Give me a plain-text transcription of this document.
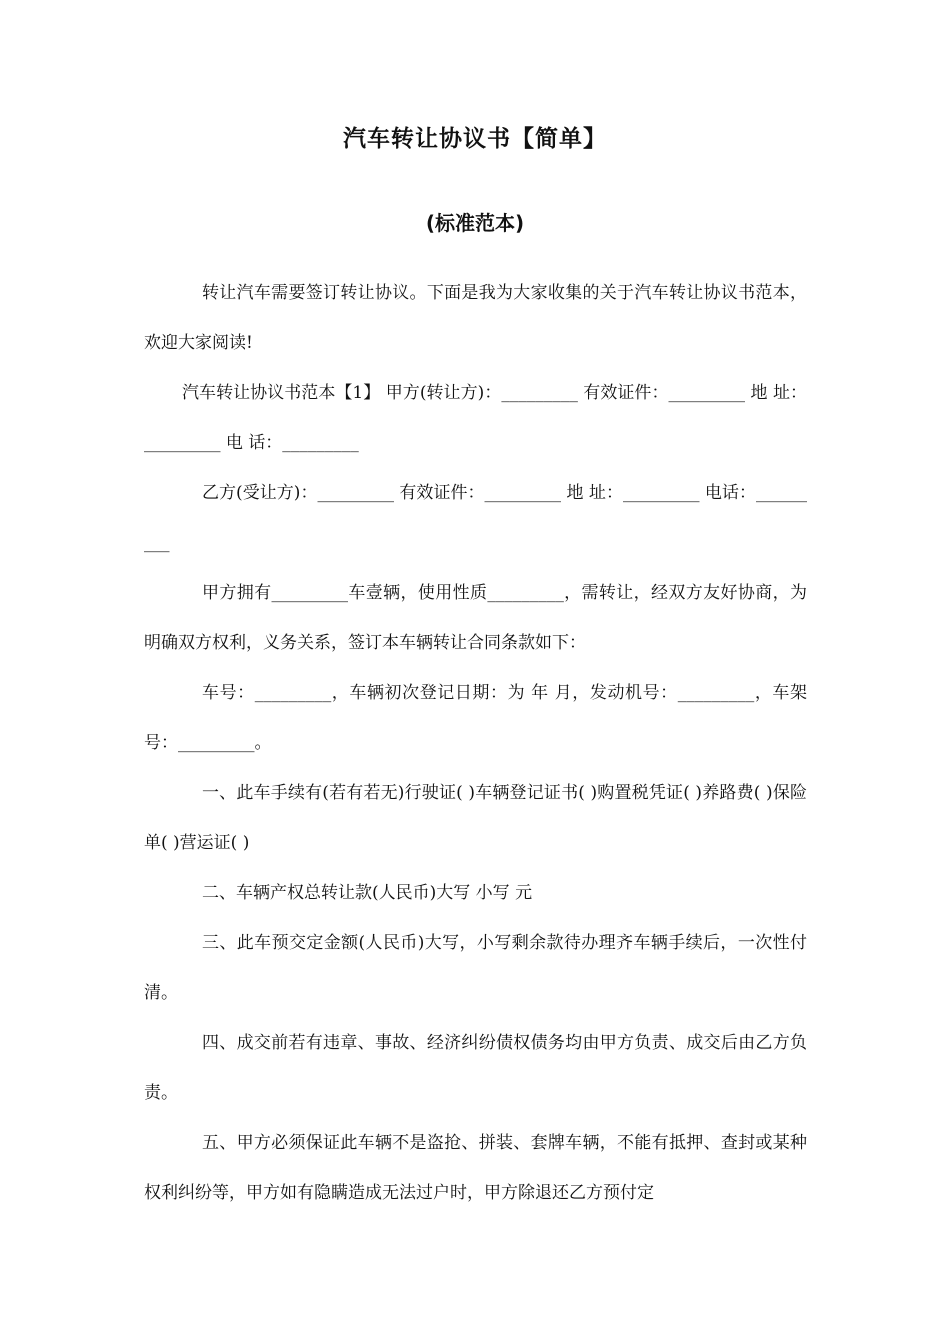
汽车转让协议书【简单】
(标准范本)

转让汽车需要签订转让协议。下面是我为大家收集的关于汽车转让协议书范本，欢迎大家阅读!

汽车转让协议书范本【1】 甲方(转让方)：_________ 有效证件：_________ 地 址：_________ 电 话：_________

乙方(受让方)：_________ 有效证件：_________ 地 址：_________ 电话：_________

甲方拥有_________车壹辆，使用性质_________，需转让，经双方友好协商，为明确双方权利，义务关系，签订本车辆转让合同条款如下：

车号：_________，车辆初次登记日期：为 年 月，发动机号：_________，车架号：_________。

一、此车手续有(若有若无)行驶证( )车辆登记证书( )购置税凭证( )养路费( )保险单( )营运证( )

二、车辆产权总转让款(人民币)大写 小写 元

三、此车预交定金额(人民币)大写，小写剩余款待办理齐车辆手续后，一次性付清。

四、成交前若有违章、事故、经济纠纷债权债务均由甲方负责、成交后由乙方负责。

五、甲方必须保证此车辆不是盗抢、拼装、套牌车辆，不能有抵押、查封或某种权利纠纷等，甲方如有隐瞒造成无法过户时，甲方除退还乙方预付定
